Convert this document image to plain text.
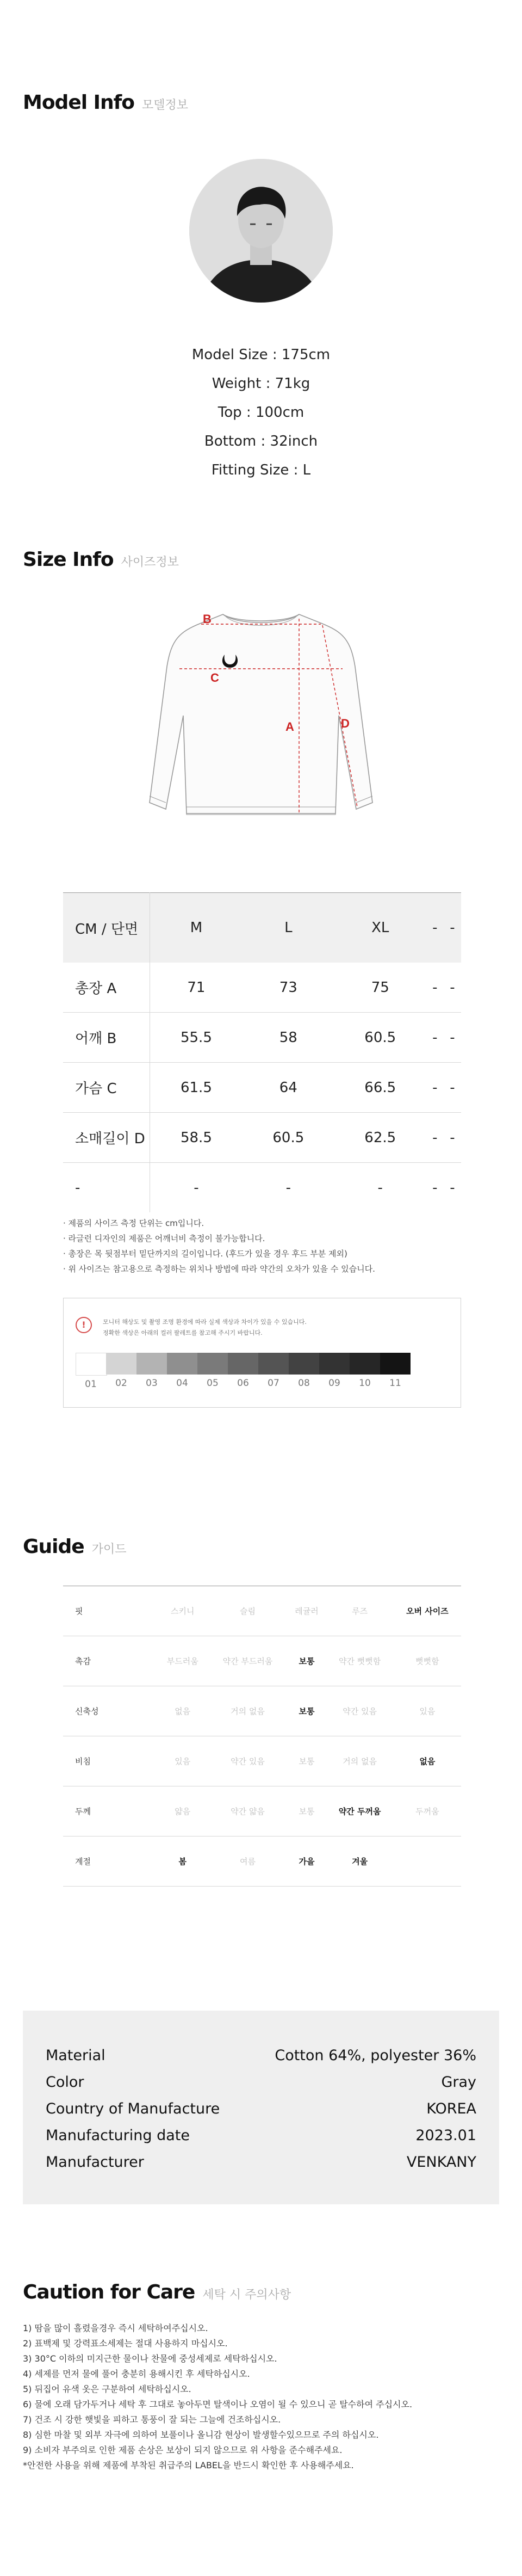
Model Info 모델정보
Model Size : 175cm
Weight : 71kg
Top : 100cm
Bottom : 32inch
Fitting Size : L
Size Info 사이즈정보
B
C
A	D
CM / 단면	M	L	XL	-	-
총장 A	71	73	75	-	-
어깨 B	55.5	58	60.5	-	-
가슴 C	61.5	64	66.5	-	-
소매길이 D	58.5	60.5	62.5	-	-
-	-	-	-	-	-
· 제품의 사이즈 측정 단위는 cm입니다.
· 라글런 디자인의 제품은 어깨너비 측정이 불가능합니다.
· 총장은 목 뒷점부터 밑단까지의 길이입니다. (후드가 있을 경우 후드 부분 제외)
· 위 사이즈는 참고용으로 측정하는 위치나 방법에 따라 약간의 오차가 있을 수 있습니다.
!	모니터 해상도 및 촬영 조명 환경에 따라 실제 색상과 차이가 있을 수 있습니다.
정확한 색상은 아래의 컬러 팔레트를 참고해 주시기 바랍니다.
01	02	03	04	05	06	07	08	09	10	11
Guide 가이드
핏	스키니	슬림	레귤러	루즈	오버 사이즈
촉감	부드러움	약간 부드러움	보통	약간 뻣뻣함	뻣뻣함
신축성	없음	거의 없음	보통	약간 있음	있음
비침	있음	약간 있음	보통	거의 없음	없음
두께	얇음	약간 얇음	보통	약간 두꺼움	두꺼움
계절	봄	여름	가을	겨울	
Material	Cotton 64%, polyester 36%
Color	Gray
Country of Manufacture	KOREA
Manufacturing date	2023.01
Manufacturer	VENKANY
Caution for Care 세탁 시 주의사항
1) 땀을 많이 흘렸을경우 즉시 세탁하여주십시오.
2) 표백제 및 강력표소세제는 절대 사용하지 마십시오.
3) 30°C 이하의 미지근한 물이나 찬물에 중성세제로 세탁하십시오.
4) 세제를 먼저 물에 풀어 충분히 용해시킨 후 세탁하십시오.
5) 뒤집어 유색 옷은 구분하여 세탁하십시오.
6) 물에 오래 담가두거나 세탁 후 그대로 놓아두면 탈색이나 오염이 될 수 있으니 곧 탈수하여 주십시오.
7) 건조 시 강한 햇빛을 피하고 통풍이 잘 되는 그늘에 건조하십시오.
8) 심한 마찰 및 외부 자극에 의하여 보풀이나 올니감 현상이 발생할수있으므로 주의 하십시오.
9) 소비자 부주의로 인한 제품 손상은 보상이 되지 않으므로 위 사항을 준수해주세요.
*안전한 사용을 위해 제품에 부착된 취급주의 LABEL을 반드시 확인한 후 사용해주세요.
